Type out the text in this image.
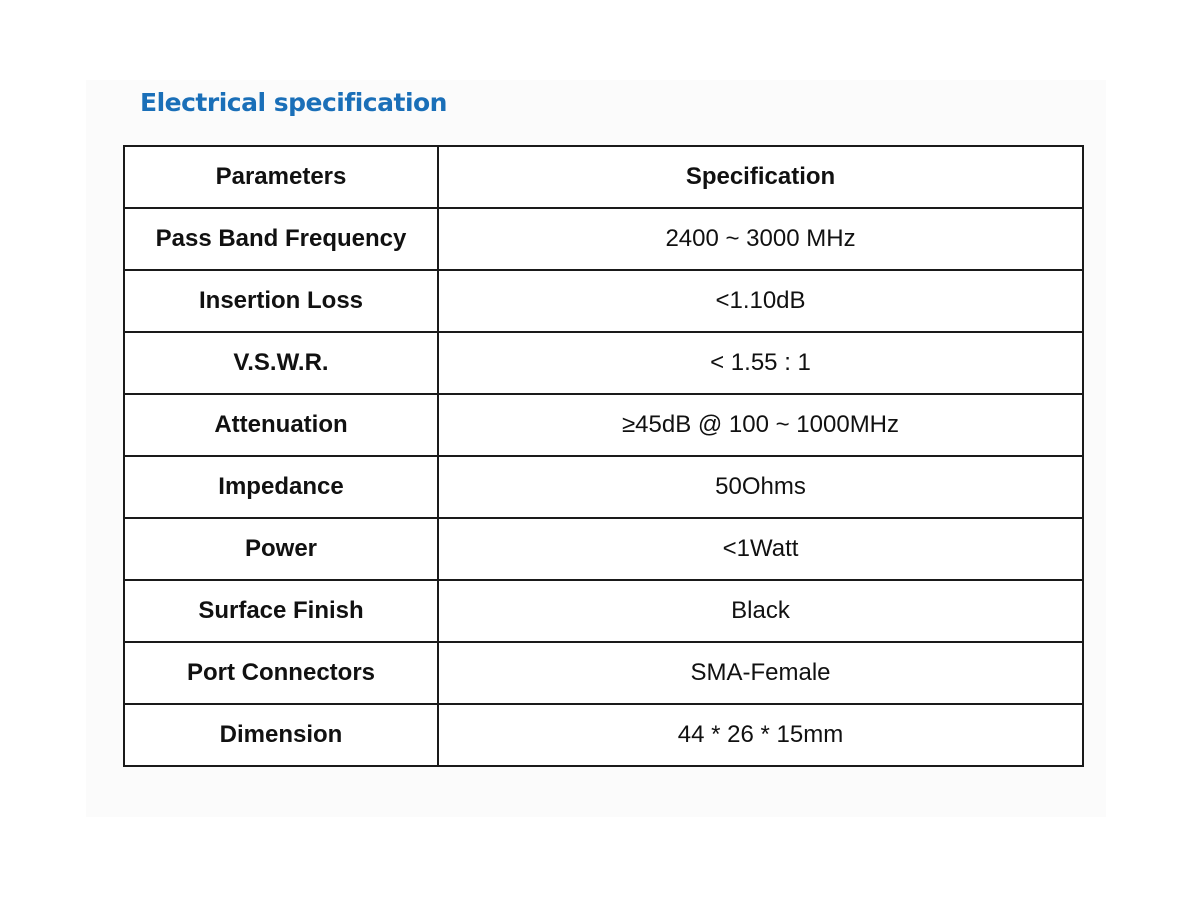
Electrical specification
Parameters	Specification
Pass Band Frequency	2400 ~ 3000 MHz
Insertion Loss	<1.10dB
V.S.W.R.	< 1.55 : 1
Attenuation	≥45dB @ 100 ~ 1000MHz
Impedance	50Ohms
Power	<1Watt
Surface Finish	Black
Port Connectors	SMA-Female
Dimension	44 * 26 * 15mm
